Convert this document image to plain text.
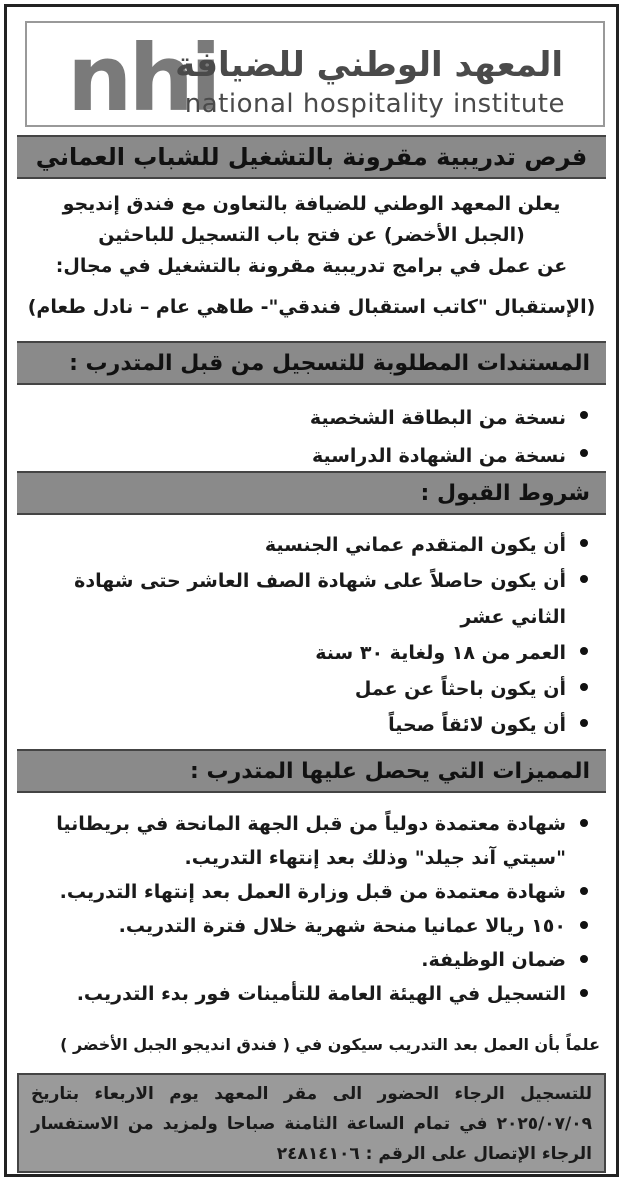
nhi
المعهد الوطني للضيافة
national hospitality institute
فرص تدريبية مقرونة بالتشغيل للشباب العماني
يعلن المعهد الوطني للضيافة بالتعاون مع فندق إنديجو
(الجبل الأخضر) عن فتح باب التسجيل للباحثين
عن عمل في برامج تدريبية مقرونة بالتشغيل في مجال:
(الإستقبال "كاتب استقبال فندقي"- طاهي عام – نادل طعام)
المستندات المطلوبة للتسجيل من قبل المتدرب :
نسخة من البطاقة الشخصية
نسخة من الشهادة الدراسية
شروط القبول :
أن يكون المتقدم عماني الجنسية
أن يكون حاصلاً على شهادة الصف العاشر حتى شهادة الثاني عشر
العمر من ١٨ ولغاية ٣٠ سنة
أن يكون باحثاً عن عمل
أن يكون لائقاً صحياً
المميزات التي يحصل عليها المتدرب :
شهادة معتمدة دولياً من قبل الجهة المانحة في بريطانيا "سيتي آند جيلد" وذلك بعد إنتهاء التدريب.
شهادة معتمدة من قبل وزارة العمل بعد إنتهاء التدريب.
١٥٠ ريالا عمانيا منحة شهرية خلال فترة التدريب.
ضمان الوظيفة.
التسجيل في الهيئة العامة للتأمينات فور بدء التدريب.
علماً بأن العمل بعد التدريب سيكون في ( فندق انديجو الجبل الأخضر )
للتسجيل الرجاء الحضور الى مقر المعهد يوم الاربعاء بتاريخ ٢٠٢٥/٠٧/٠٩ في تمام الساعة الثامنة صباحا ولمزيد من الاستفسار الرجاء الإتصال على الرقم : ٢٤٨١٤١٠٦
